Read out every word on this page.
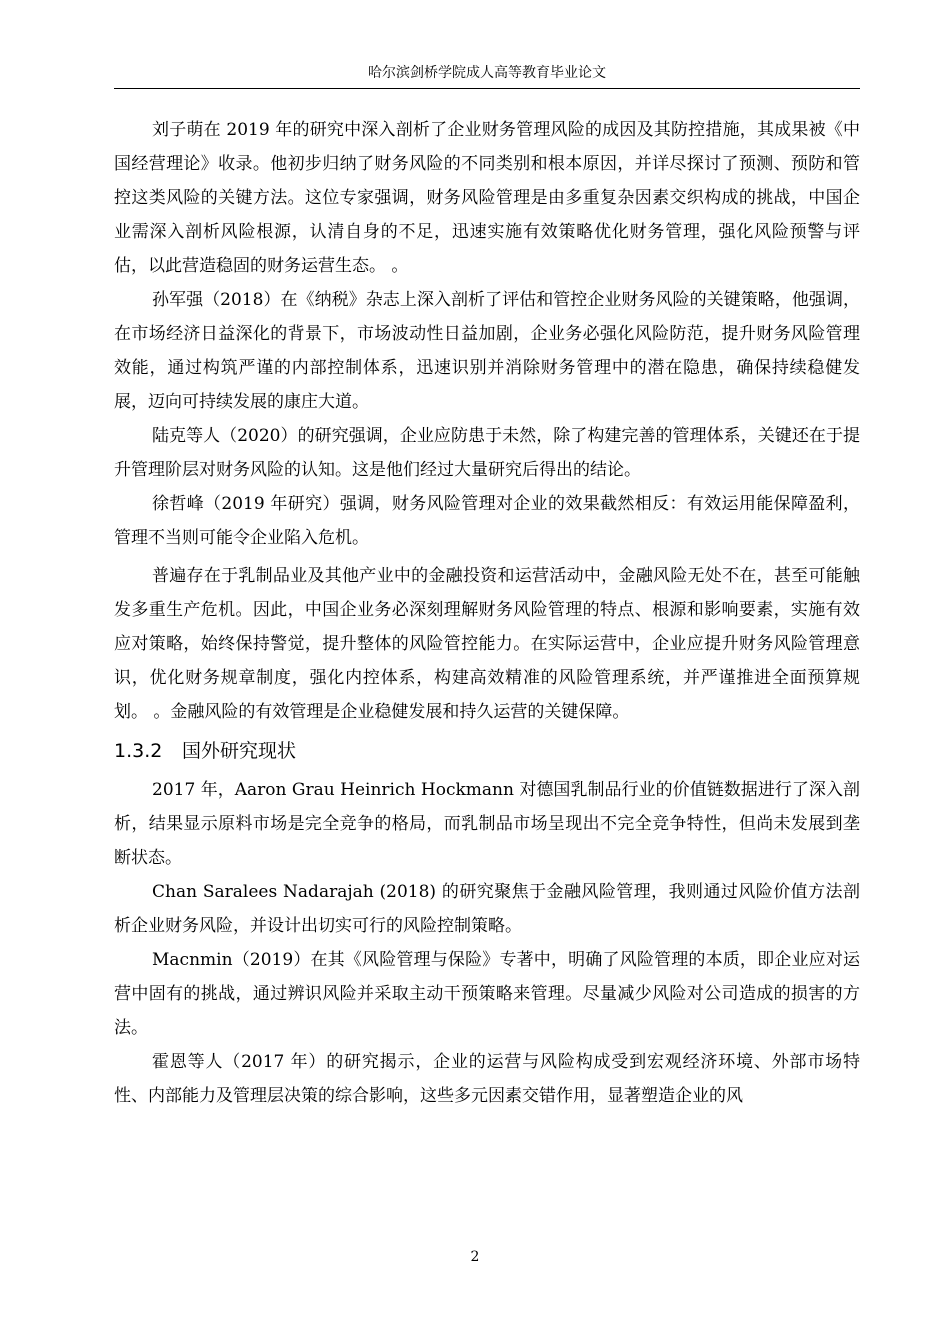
哈尔滨剑桥学院成人高等教育毕业论文

刘子萌在 2019 年的研究中深入剖析了企业财务管理风险的成因及其防控措施，其成果被《中国经营理论》收录。他初步归纳了财务风险的不同类别和根本原因，并详尽探讨了预测、预防和管控这类风险的关键方法。这位专家强调，财务风险管理是由多重复杂因素交织构成的挑战，中国企业需深入剖析风险根源，认清自身的不足，迅速实施有效策略优化财务管理，强化风险预警与评估，以此营造稳固的财务运营生态。 。

孙军强（2018）在《纳税》杂志上深入剖析了评估和管控企业财务风险的关键策略，他强调，在市场经济日益深化的背景下，市场波动性日益加剧，企业务必强化风险防范，提升财务风险管理效能，通过构筑严谨的内部控制体系，迅速识别并消除财务管理中的潜在隐患，确保持续稳健发展，迈向可持续发展的康庄大道。

陆克等人（2020）的研究强调，企业应防患于未然，除了构建完善的管理体系，关键还在于提升管理阶层对财务风险的认知。这是他们经过大量研究后得出的结论。

徐哲峰（2019 年研究）强调，财务风险管理对企业的效果截然相反：有效运用能保障盈利，管理不当则可能令企业陷入危机。

普遍存在于乳制品业及其他产业中的金融投资和运营活动中，金融风险无处不在，甚至可能触发多重生产危机。因此，中国企业务必深刻理解财务风险管理的特点、根源和影响要素，实施有效应对策略，始终保持警觉，提升整体的风险管控能力。在实际运营中，企业应提升财务风险管理意识，优化财务规章制度，强化内控体系，构建高效精准的风险管理系统，并严谨推进全面预算规划。 。金融风险的有效管理是企业稳健发展和持久运营的关键保障。

1.3.2 国外研究现状

2017 年，Aaron Grau Heinrich Hockmann 对德国乳制品行业的价值链数据进行了深入剖析，结果显示原料市场是完全竞争的格局，而乳制品市场呈现出不完全竞争特性，但尚未发展到垄断状态。

Chan Saralees Nadarajah (2018) 的研究聚焦于金融风险管理，我则通过风险价值方法剖 析企业财务风险，并设计出切实可行的风险控制策略。

Macnmin（2019）在其《风险管理与保险》专著中，明确了风险管理的本质，即企业应对运营中固有的挑战，通过辨识风险并采取主动干预策略来管理。尽量减少风险对公司造成的损害的方法。

霍恩等人（2017 年）的研究揭示，企业的运营与风险构成受到宏观经济环境、外部市场特性、内部能力及管理层决策的综合影响，这些多元因素交错作用，显著塑造企业的风

2
